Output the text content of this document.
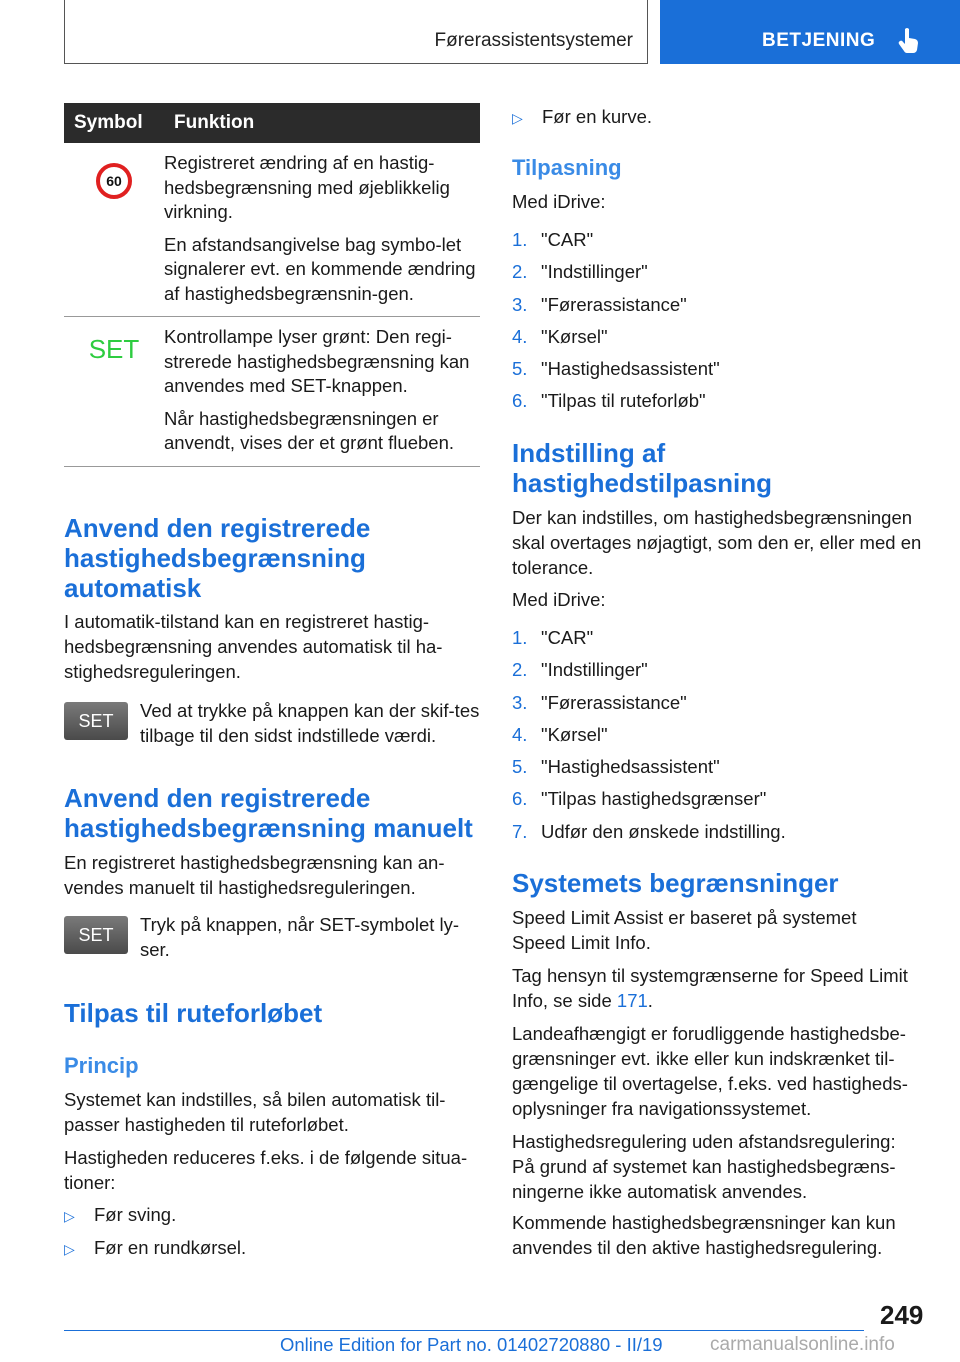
Førerassistentsystemer	BETJENING
Symbol	Funktion

60	Registreret ændring af en hastig-hedsbegrænsning med øjeblikkelig virkning.

En afstandsangivelse bag symbo-let signalerer evt. en kommende ændring af hastighedsbegrænsnin-gen.

SET	Kontrollampe lyser grønt: Den regi-strerede hastighedsbegrænsning kan anvendes med SET-knappen.

Når hastighedsbegrænsningen er anvendt, vises der et grønt flueben.

Anvend den registrerede hastighedsbegrænsning automatisk

I automatik-tilstand kan en registreret hastig-hedsbegrænsning anvendes automatisk til ha-stighedsreguleringen.

SET	Ved at trykke på knappen kan der skif-tes tilbage til den sidst indstillede værdi.

Anvend den registrerede hastighedsbegrænsning manuelt

En registreret hastighedsbegrænsning kan an-vendes manuelt til hastighedsreguleringen.

SET	Tryk på knappen, når SET-symbolet ly-ser.

Tilpas til ruteforløbet
Princip

Systemet kan indstilles, så bilen automatisk til-passer hastigheden til ruteforløbet.

Hastigheden reduceres f.eks. i de følgende situa-tioner:

▷ Før sving.
▷ Før en rundkørsel.
▷ Før en kurve.
Tilpasning

Med iDrive:

1. "CAR"
2. "Indstillinger"
3. "Førerassistance"
4. "Kørsel"
5. "Hastighedsassistent"
6. "Tilpas til ruteforløb"
Indstilling af hastighedstilpasning

Der kan indstilles, om hastighedsbegrænsningen skal overtages nøjagtigt, som den er, eller med en tolerance.

Med iDrive:

1. "CAR"
2. "Indstillinger"
3. "Førerassistance"
4. "Kørsel"
5. "Hastighedsassistent"
6. "Tilpas hastighedsgrænser"
7. Udfør den ønskede indstilling.
Systemets begrænsninger

Speed Limit Assist er baseret på systemet Speed Limit Info.

Tag hensyn til systemgrænserne for Speed Limit Info, se side 171.

Landeafhængigt er forudliggende hastighedsbe-grænsninger evt. ikke eller kun indskrænket til-gængelige til overtagelse, f.eks. ved hastigheds-oplysninger fra navigationssystemet.

Hastighedsregulering uden afstandsregulering: På grund af systemet kan hastighedsbegræns-ningerne ikke automatisk anvendes.

Kommende hastighedsbegrænsninger kan kun anvendes til den aktive hastighedsregulering.

249
Online Edition for Part no. 01402720880 - II/19 carmanualsonline.info
